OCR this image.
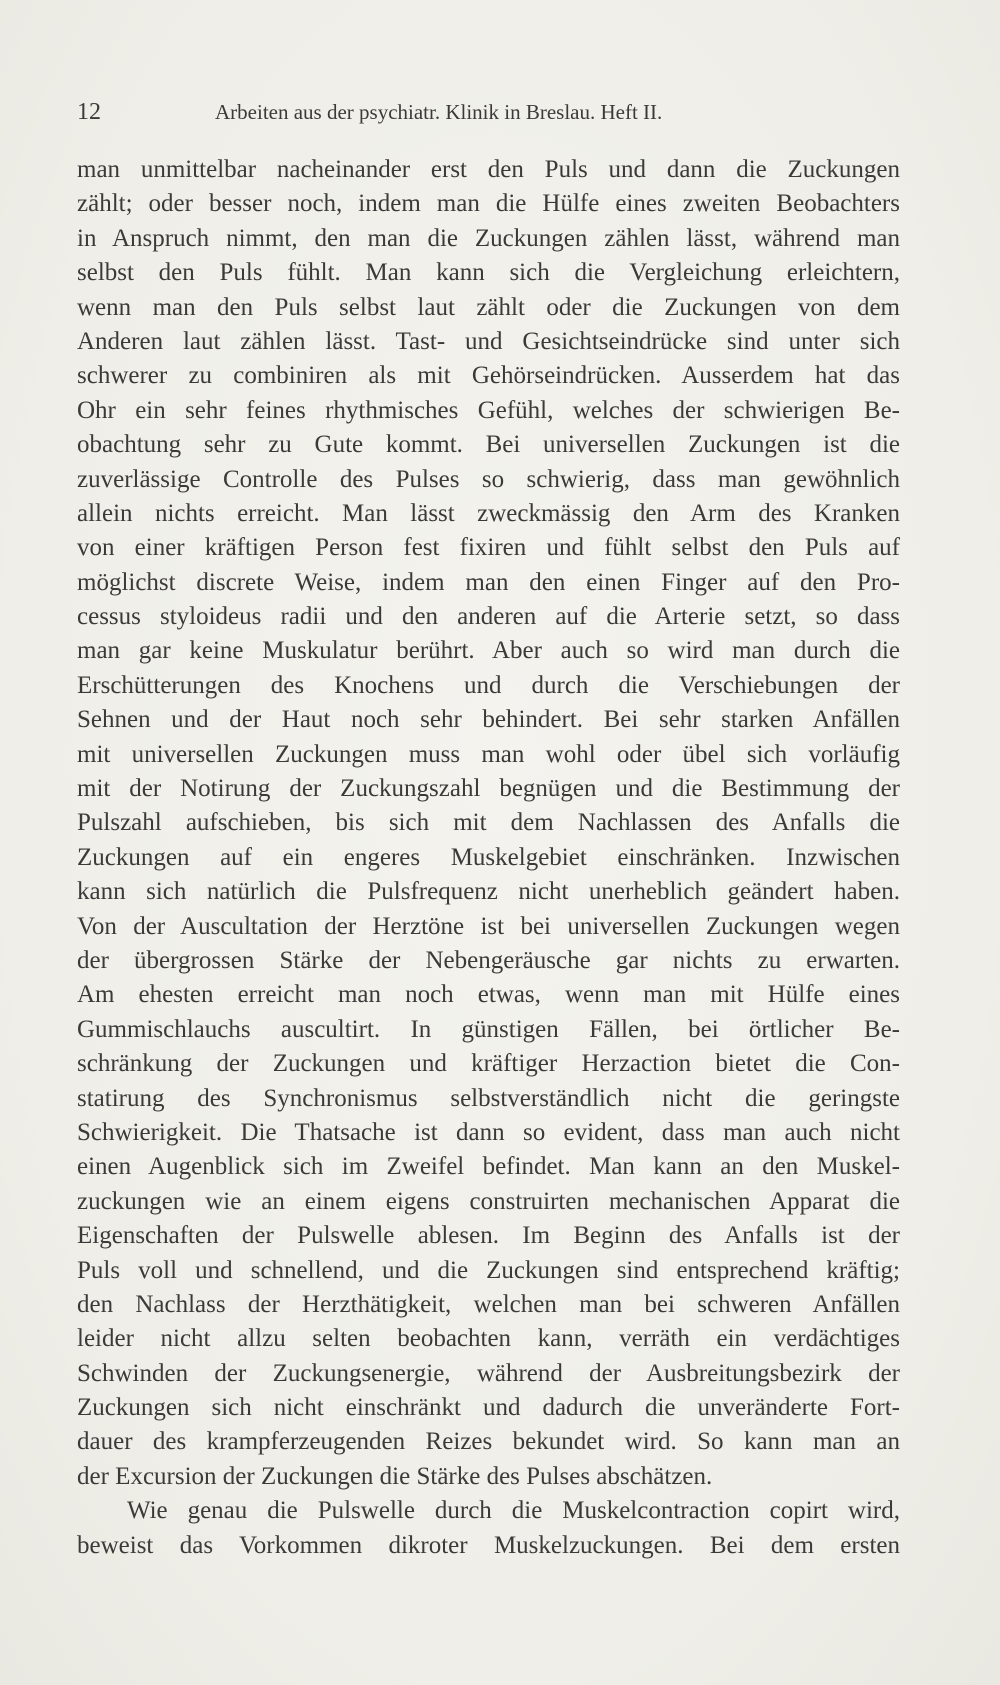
12	Arbeiten aus der psychiatr. Klinik in Breslau. Heft II.
man unmittelbar nacheinander erst den Puls und dann die Zuckungen
zählt; oder besser noch, indem man die Hülfe eines zweiten Beobachters
in Anspruch nimmt, den man die Zuckungen zählen lässt, während man
selbst den Puls fühlt. Man kann sich die Vergleichung erleichtern,
wenn man den Puls selbst laut zählt oder die Zuckungen von dem
Anderen laut zählen lässt. Tast- und Gesichtseindrücke sind unter sich
schwerer zu combiniren als mit Gehörseindrücken. Ausserdem hat das
Ohr ein sehr feines rhythmisches Gefühl, welches der schwierigen Be-
obachtung sehr zu Gute kommt. Bei universellen Zuckungen ist die
zuverlässige Controlle des Pulses so schwierig, dass man gewöhnlich
allein nichts erreicht. Man lässt zweckmässig den Arm des Kranken
von einer kräftigen Person fest fixiren und fühlt selbst den Puls auf
möglichst discrete Weise, indem man den einen Finger auf den Pro-
cessus styloideus radii und den anderen auf die Arterie setzt, so dass
man gar keine Muskulatur berührt. Aber auch so wird man durch die
Erschütterungen des Knochens und durch die Verschiebungen der
Sehnen und der Haut noch sehr behindert. Bei sehr starken Anfällen
mit universellen Zuckungen muss man wohl oder übel sich vorläufig
mit der Notirung der Zuckungszahl begnügen und die Bestimmung der
Pulszahl aufschieben, bis sich mit dem Nachlassen des Anfalls die
Zuckungen auf ein engeres Muskelgebiet einschränken. Inzwischen
kann sich natürlich die Pulsfrequenz nicht unerheblich geändert haben.
Von der Auscultation der Herztöne ist bei universellen Zuckungen wegen
der übergrossen Stärke der Nebengeräusche gar nichts zu erwarten.
Am ehesten erreicht man noch etwas, wenn man mit Hülfe eines
Gummischlauchs auscultirt. In günstigen Fällen, bei örtlicher Be-
schränkung der Zuckungen und kräftiger Herzaction bietet die Con-
statirung des Synchronismus selbstverständlich nicht die geringste
Schwierigkeit. Die Thatsache ist dann so evident, dass man auch nicht
einen Augenblick sich im Zweifel befindet. Man kann an den Muskel-
zuckungen wie an einem eigens construirten mechanischen Apparat die
Eigenschaften der Pulswelle ablesen. Im Beginn des Anfalls ist der
Puls voll und schnellend, und die Zuckungen sind entsprechend kräftig;
den Nachlass der Herzthätigkeit, welchen man bei schweren Anfällen
leider nicht allzu selten beobachten kann, verräth ein verdächtiges
Schwinden der Zuckungsenergie, während der Ausbreitungsbezirk der
Zuckungen sich nicht einschränkt und dadurch die unveränderte Fort-
dauer des krampferzeugenden Reizes bekundet wird. So kann man an
der Excursion der Zuckungen die Stärke des Pulses abschätzen.
Wie genau die Pulswelle durch die Muskelcontraction copirt wird,
beweist das Vorkommen dikroter Muskelzuckungen. Bei dem ersten
